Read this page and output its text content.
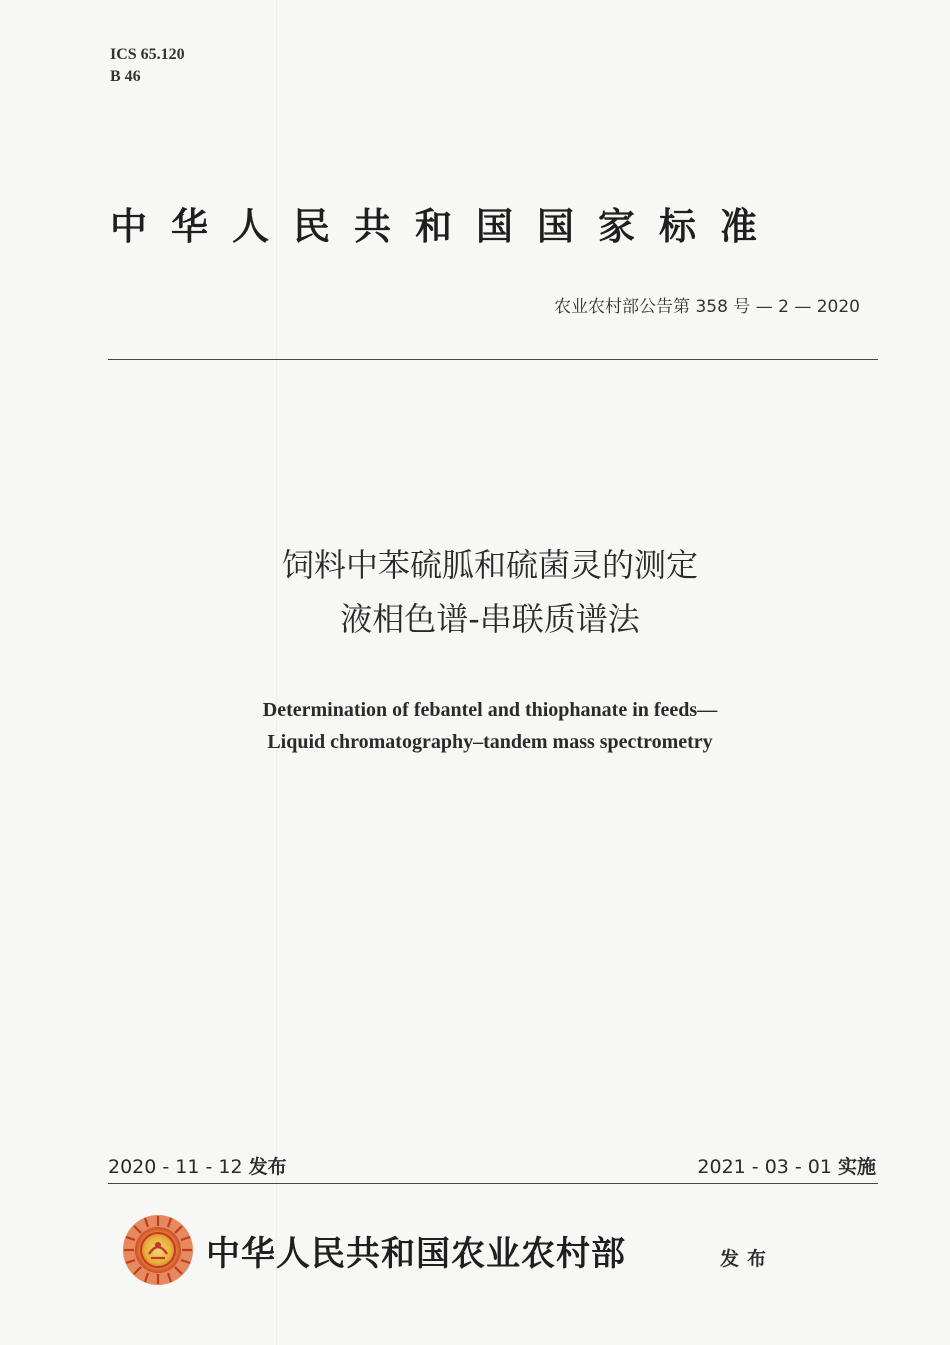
ICS 65.120
B 46
中华人民共和国国家标准
农业农村部公告第 358 号 — 2 — 2020
饲料中苯硫胍和硫菌灵的测定
液相色谱-串联质谱法
Determination of febantel and thiophanate in feeds—
Liquid chromatography–tandem mass spectrometry
2020 - 11 - 12 发布	2021 - 03 - 01 实施
中华人民共和国农业农村部	发布
